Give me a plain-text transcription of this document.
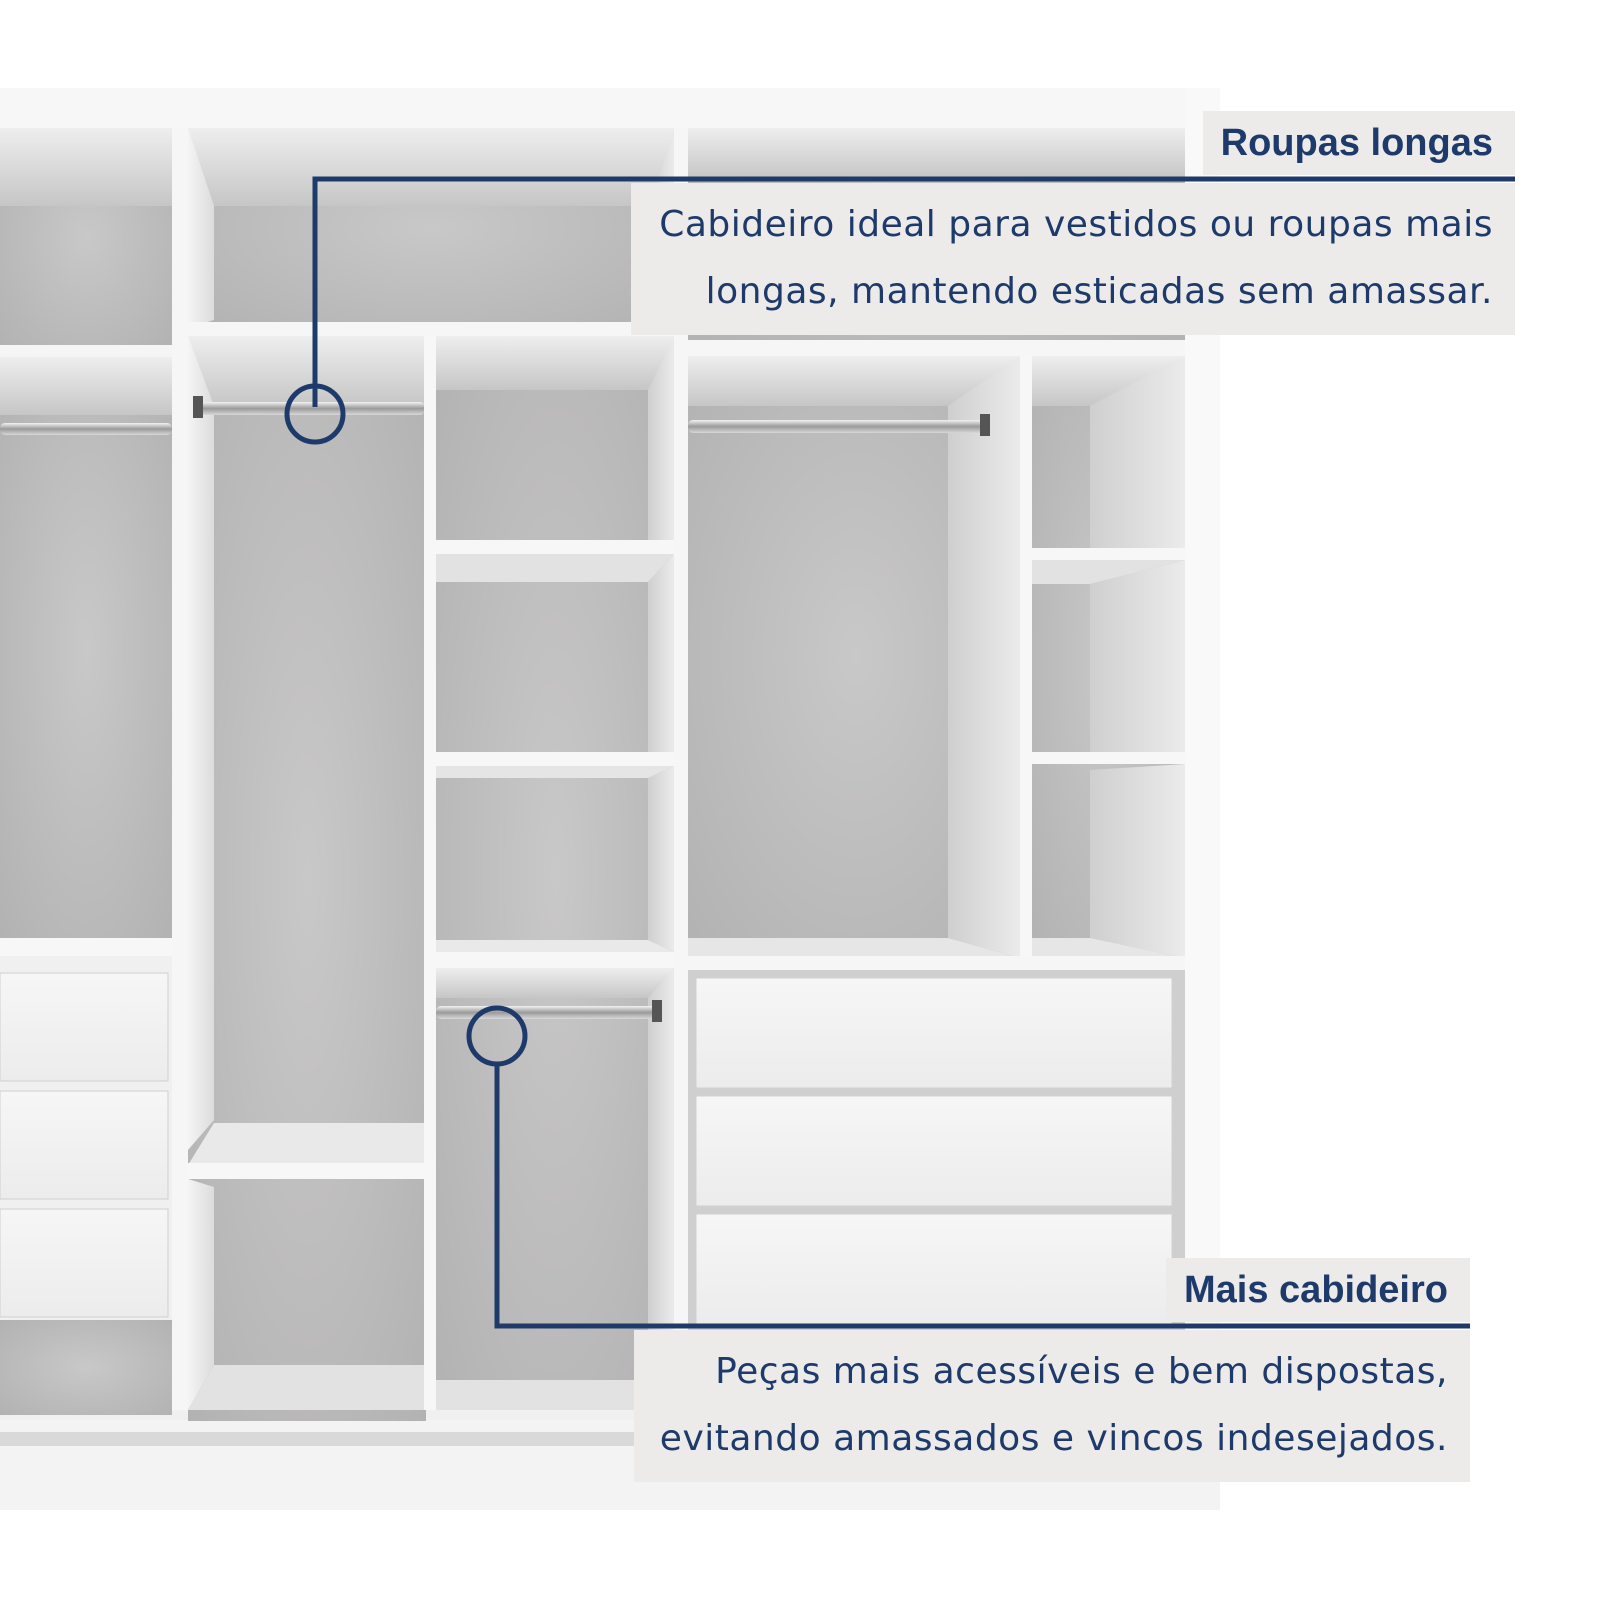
Roupas longas
Cabideiro ideal para vestidos ou roupas mais
longas, mantendo esticadas sem amassar.
Mais cabideiro
Peças mais acessíveis e bem dispostas,
evitando amassados e vincos indesejados.
